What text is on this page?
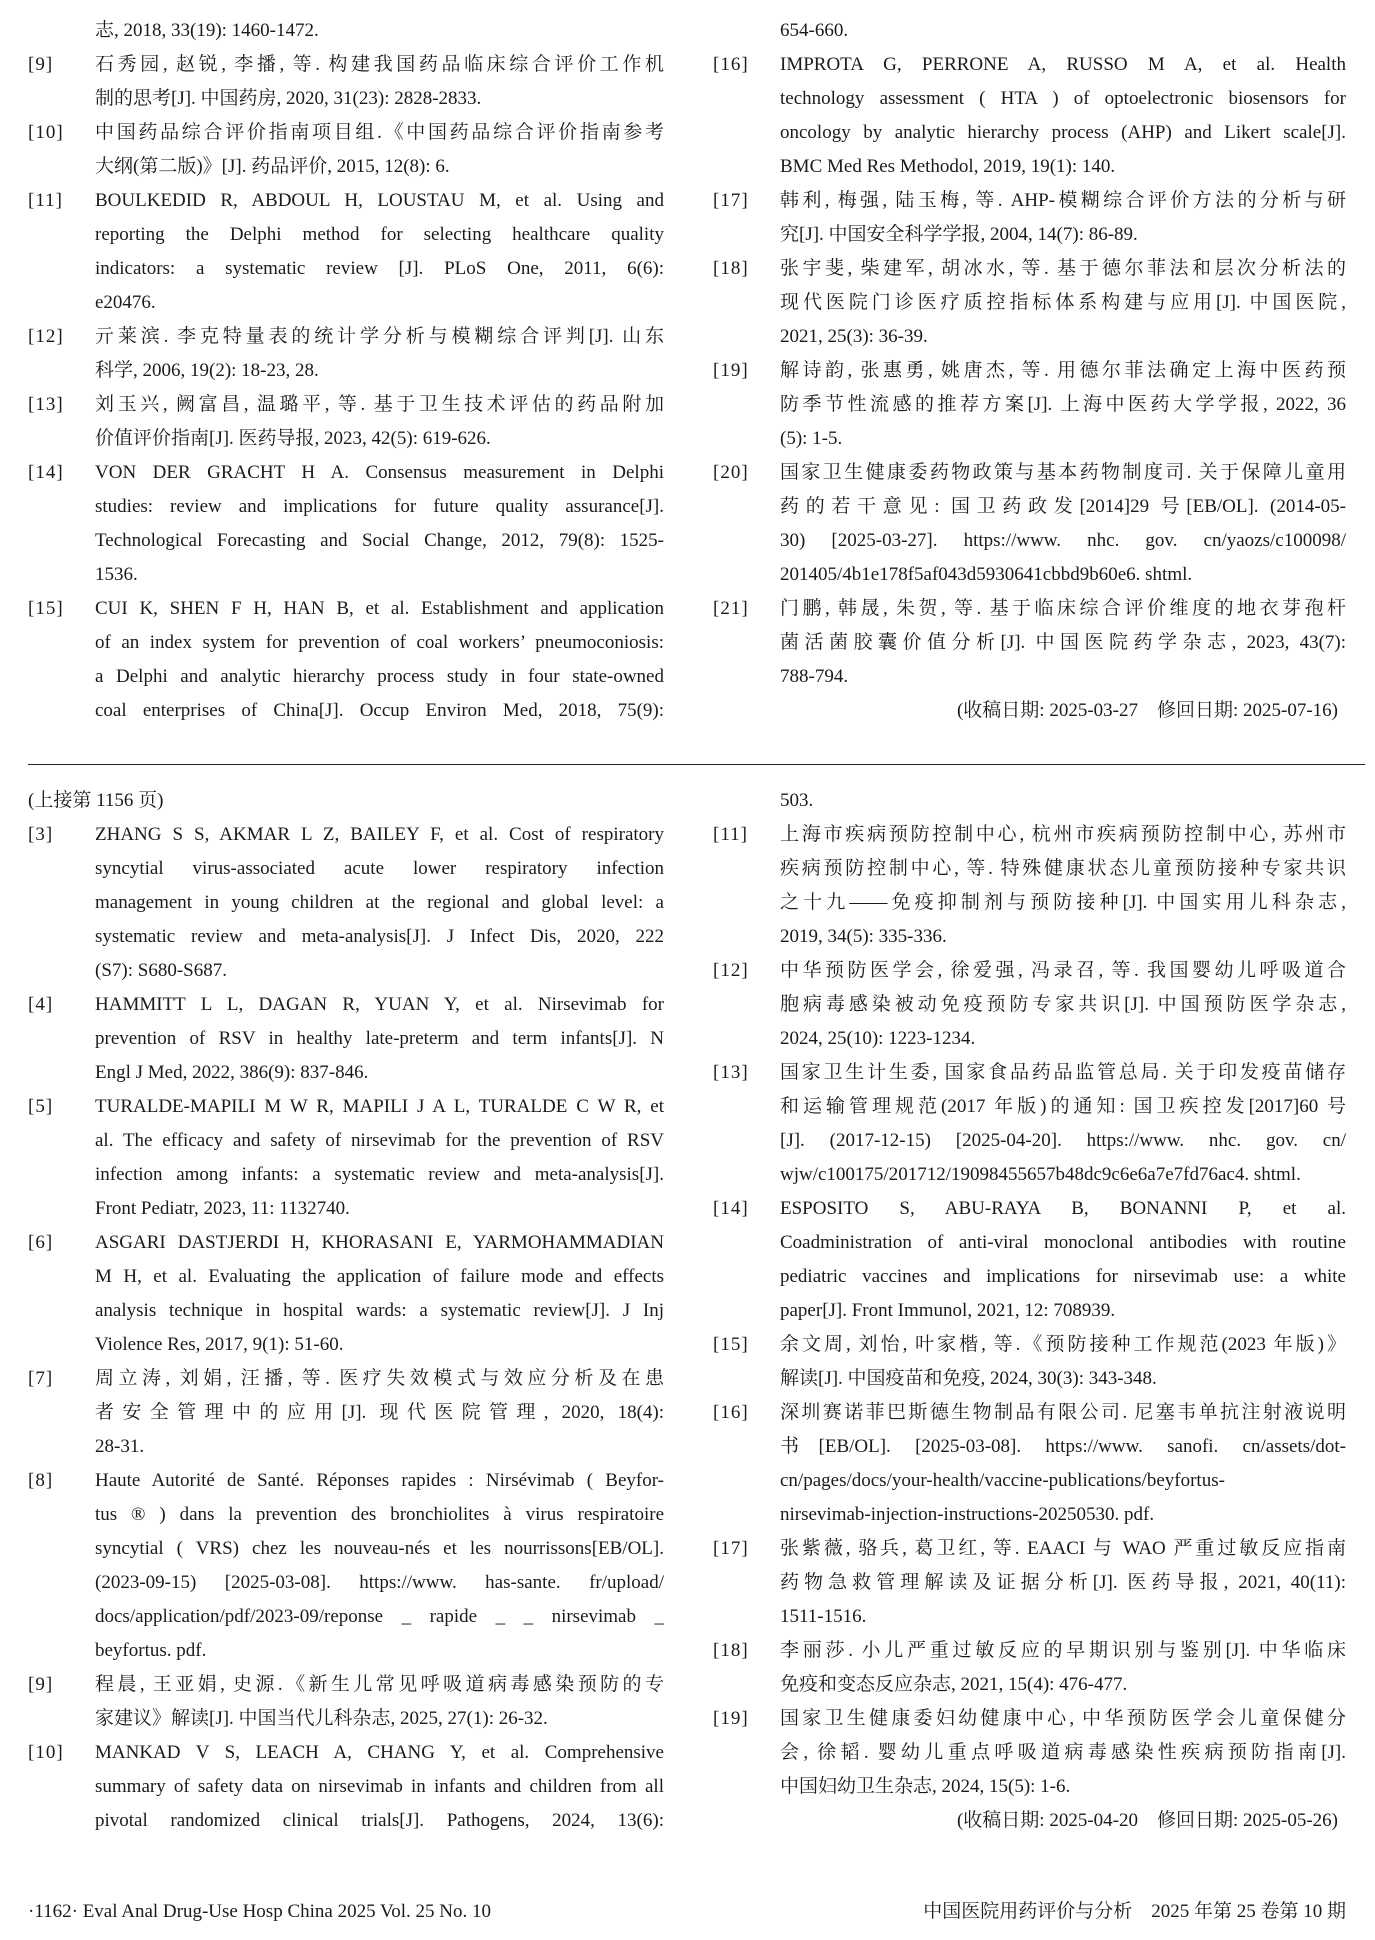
志, 2018, 33(19): 1460-1472.
[9]	石秀园, 赵锐, 李播, 等. 构建我国药品临床综合评价工作机
制的思考[J]. 中国药房, 2020, 31(23): 2828-2833.
[10]	中国药品综合评价指南项目组.《中国药品综合评价指南参考
大纲(第二版)》[J]. 药品评价, 2015, 12(8): 6.
[11]	BOULKEDID R, ABDOUL H, LOUSTAU M, et al. Using and
reporting the Delphi method for selecting healthcare quality
indicators: a systematic review [J]. PLoS One, 2011, 6(6):
e20476.
[12]	亓莱滨. 李克特量表的统计学分析与模糊综合评判[J]. 山东
科学, 2006, 19(2): 18-23, 28.
[13]	刘玉兴, 阙富昌, 温璐平, 等. 基于卫生技术评估的药品附加
价值评价指南[J]. 医药导报, 2023, 42(5): 619-626.
[14]	VON DER GRACHT H A. Consensus measurement in Delphi
studies: review and implications for future quality assurance[J].
Technological Forecasting and Social Change, 2012, 79(8): 1525-
1536.
[15]	CUI K, SHEN F H, HAN B, et al. Establishment and application
of an index system for prevention of coal workers’ pneumoconiosis:
a Delphi and analytic hierarchy process study in four state-owned
coal enterprises of China[J]. Occup Environ Med, 2018, 75(9):
654-660.
[16]	IMPROTA G, PERRONE A, RUSSO M A, et al. Health
technology assessment ( HTA ) of optoelectronic biosensors for
oncology by analytic hierarchy process (AHP) and Likert scale[J].
BMC Med Res Methodol, 2019, 19(1): 140.
[17]	韩利, 梅强, 陆玉梅, 等. AHP-模糊综合评价方法的分析与研
究[J]. 中国安全科学学报, 2004, 14(7): 86-89.
[18]	张宇斐, 柴建军, 胡冰水, 等. 基于德尔菲法和层次分析法的
现代医院门诊医疗质控指标体系构建与应用[J]. 中国医院,
2021, 25(3): 36-39.
[19]	解诗韵, 张惠勇, 姚唐杰, 等. 用德尔菲法确定上海中医药预
防季节性流感的推荐方案[J]. 上海中医药大学学报, 2022, 36
(5): 1-5.
[20]	国家卫生健康委药物政策与基本药物制度司. 关于保障儿童用
药的若干意见: 国卫药政发[2014]29 号[EB/OL]. (2014-05-
30) [2025-03-27]. https://www. nhc. gov. cn/yaozs/c100098/
201405/4b1e178f5af043d5930641cbbd9b60e6. shtml.
[21]	门鹏, 韩晟, 朱贺, 等. 基于临床综合评价维度的地衣芽孢杆
菌活菌胶囊价值分析[J]. 中国医院药学杂志, 2023, 43(7):
788-794.
(收稿日期: 2025-03-27　修回日期: 2025-07-16)
(上接第 1156 页)
[3]	ZHANG S S, AKMAR L Z, BAILEY F, et al. Cost of respiratory
syncytial virus-associated acute lower respiratory infection
management in young children at the regional and global level: a
systematic review and meta-analysis[J]. J Infect Dis, 2020, 222
(S7): S680-S687.
[4]	HAMMITT L L, DAGAN R, YUAN Y, et al. Nirsevimab for
prevention of RSV in healthy late-preterm and term infants[J]. N
Engl J Med, 2022, 386(9): 837-846.
[5]	TURALDE-MAPILI M W R, MAPILI J A L, TURALDE C W R, et
al. The efficacy and safety of nirsevimab for the prevention of RSV
infection among infants: a systematic review and meta-analysis[J].
Front Pediatr, 2023, 11: 1132740.
[6]	ASGARI DASTJERDI H, KHORASANI E, YARMOHAMMADIAN
M H, et al. Evaluating the application of failure mode and effects
analysis technique in hospital wards: a systematic review[J]. J Inj
Violence Res, 2017, 9(1): 51-60.
[7]	周立涛, 刘娟, 汪播, 等. 医疗失效模式与效应分析及在患
者安全管理中的应用[J]. 现代医院管理, 2020, 18(4):
28-31.
[8]	Haute Autorité de Santé. Réponses rapides : Nirsévimab ( Beyfor-
tus ® ) dans la prevention des bronchiolites à virus respiratoire
syncytial ( VRS) chez les nouveau-nés et les nourrissons[EB/OL].
(2023-09-15) [2025-03-08]. https://www. has-sante. fr/upload/
docs/application/pdf/2023-09/reponse _ rapide _ _ nirsevimab _
beyfortus. pdf.
[9]	程晨, 王亚娟, 史源.《新生儿常见呼吸道病毒感染预防的专
家建议》解读[J]. 中国当代儿科杂志, 2025, 27(1): 26-32.
[10]	MANKAD V S, LEACH A, CHANG Y, et al. Comprehensive
summary of safety data on nirsevimab in infants and children from all
pivotal randomized clinical trials[J]. Pathogens, 2024, 13(6):
503.
[11]	上海市疾病预防控制中心, 杭州市疾病预防控制中心, 苏州市
疾病预防控制中心, 等. 特殊健康状态儿童预防接种专家共识
之十九——免疫抑制剂与预防接种[J]. 中国实用儿科杂志,
2019, 34(5): 335-336.
[12]	中华预防医学会, 徐爱强, 冯录召, 等. 我国婴幼儿呼吸道合
胞病毒感染被动免疫预防专家共识[J]. 中国预防医学杂志,
2024, 25(10): 1223-1234.
[13]	国家卫生计生委, 国家食品药品监管总局. 关于印发疫苗储存
和运输管理规范(2017 年版)的通知: 国卫疾控发[2017]60 号
[J]. (2017-12-15) [2025-04-20]. https://www. nhc. gov. cn/
wjw/c100175/201712/19098455657b48dc9c6e6a7e7fd76ac4. shtml.
[14]	ESPOSITO S, ABU-RAYA B, BONANNI P, et al.
Coadministration of anti-viral monoclonal antibodies with routine
pediatric vaccines and implications for nirsevimab use: a white
paper[J]. Front Immunol, 2021, 12: 708939.
[15]	余文周, 刘怡, 叶家楷, 等.《预防接种工作规范(2023 年版)》
解读[J]. 中国疫苗和免疫, 2024, 30(3): 343-348.
[16]	深圳赛诺菲巴斯德生物制品有限公司. 尼塞韦单抗注射液说明
书[EB/OL]. [2025-03-08]. https://www. sanofi. cn/assets/dot-
cn/pages/docs/your-health/vaccine-publications/beyfortus-
nirsevimab-injection-instructions-20250530. pdf.
[17]	张紫薇, 骆兵, 葛卫红, 等. EAACI 与 WAO 严重过敏反应指南
药物急救管理解读及证据分析[J]. 医药导报, 2021, 40(11):
1511-1516.
[18]	李丽莎. 小儿严重过敏反应的早期识别与鉴别[J]. 中华临床
免疫和变态反应杂志, 2021, 15(4): 476-477.
[19]	国家卫生健康委妇幼健康中心, 中华预防医学会儿童保健分
会, 徐韬. 婴幼儿重点呼吸道病毒感染性疾病预防指南[J].
中国妇幼卫生杂志, 2024, 15(5): 1-6.
(收稿日期: 2025-04-20　修回日期: 2025-05-26)
·1162· Eval Anal Drug-Use Hosp China 2025 Vol. 25 No. 10	中国医院用药评价与分析　2025 年第 25 卷第 10 期
